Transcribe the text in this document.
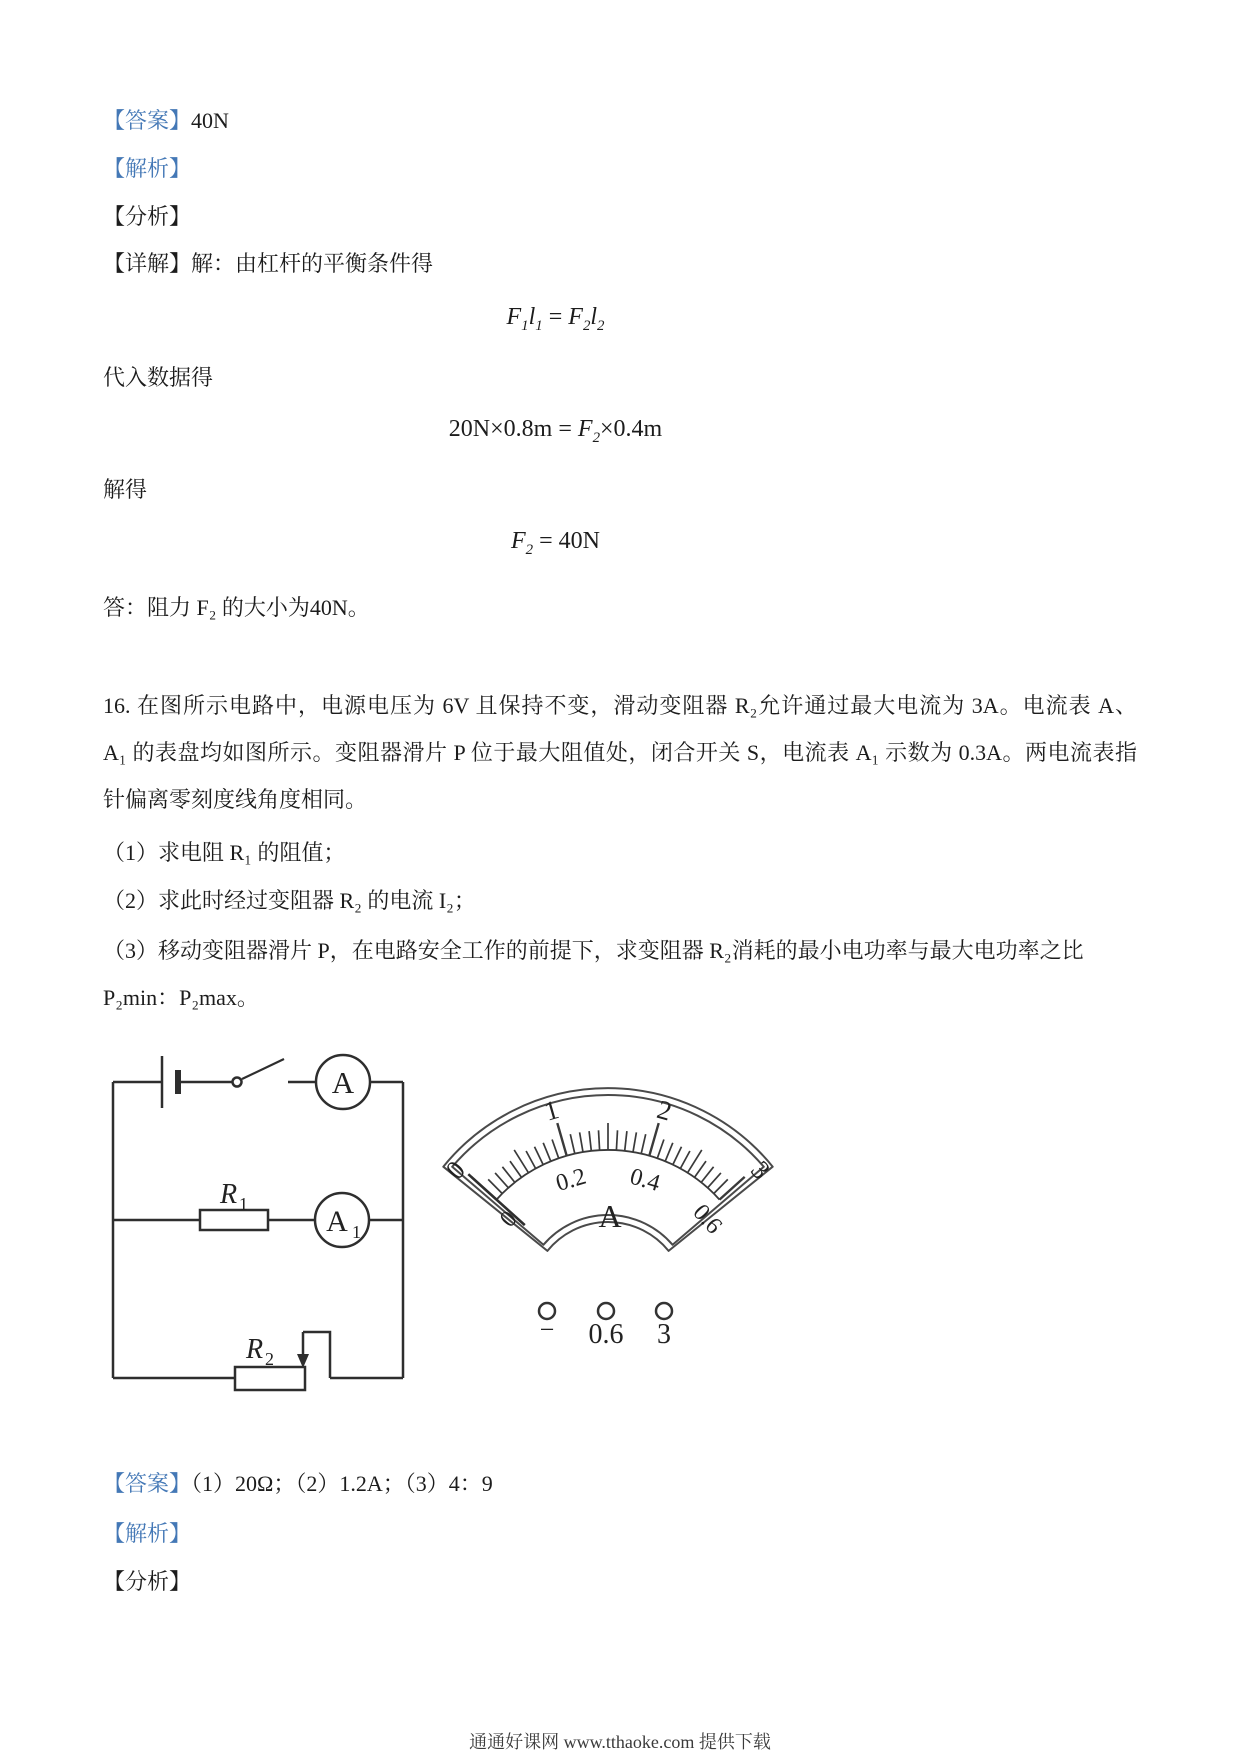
【答案】40N
【解析】
【分析】
【详解】解：由杠杆的平衡条件得
$F_1l_1 = F_2l_2$
代入数据得
$20N\times 0.8m = F_2\times 0.4m$
解得
$F_2 = 40N$
答：阻力 F₂ 的大小为40N。
16. 在图所示电路中，电源电压为 6V 且保持不变，滑动变阻器 R₂允许通过最大电流为 3A。电流表 A、
A₁ 的表盘均如图所示。变阻器滑片 P 位于最大阻值处，闭合开关 S，电流表 A₁ 示数为 0.3A。两电流表指
针偏离零刻度线角度相同。
（1）求电阻 R₁ 的阻值；
（2）求此时经过变阻器 R₂ 的电流 I₂；
（3）移动变阻器滑片 P，在电路安全工作的前提下，求变阻器 R₂消耗的最小电功率与最大电功率之比
P₂min：P₂max。
A
A 1
R 1
R 2
0
1	2
3
0
0.2 0.4
0.6
A
− 0.6 3
【答案】（1）20Ω；（2）1.2A；（3）4：9
【解析】
【分析】
通通好课网 www.tthaoke.com 提供下载
